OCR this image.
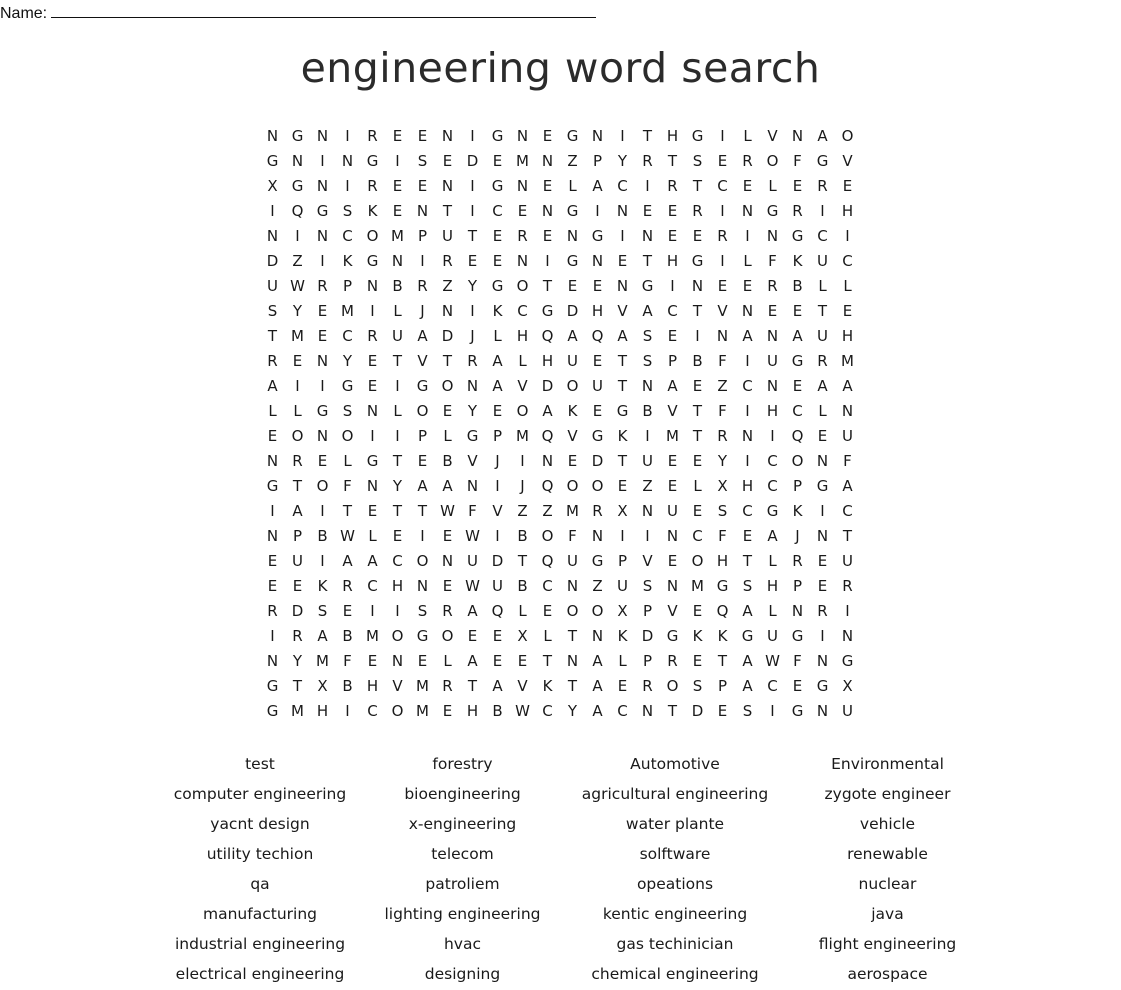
Name:
engineering word search
N G N	I	R	E	E N	I	G N E G N	I	T H G	I	L	V N A O
G N	I	N G	I	S	E D E M N Z	P	Y	R	T	S	E	R O F G V
X G N	I	R	E	E N	I	G N E	L	A C	I	R	T	C	E	L	E	R	E
I	Q G S	K	E N T	I	C	E N G	I	N E	E	R	I	N G R	I	H
N	I	N C O M P U T	E	R	E N G	I	N E	E	R	I	N G C	I
D Z	I	K G N	I	R	E	E N	I	G N E	T H G	I	L	F	K U C
U W R	P N B R Z	Y G O T	E	E N G	I	N E	E	R B	L	L
S	Y	E M	I	L	J	N	I	K C G D H V A C	T	V N E	E	T	E
T M E	C R U A D	J	L	H Q A Q A	S	E	I	N A N A U H
R	E N Y	E	T	V	T	R A	L	H U E	T	S	P	B	F	I	U G R M
A	I	I	G E	I	G O N A V D O U T N A	E	Z C N E	A A
L	L	G S N	L O E	Y	E O A K	E G B V	T	F	I	H C	L	N
E O N O	I	I	P	L	G P M Q V G K	I	M T	R N	I	Q E U
N R	E	L	G T	E	B V	J	I	N E D T U E	E	Y	I	C O N	F
G T O F	N Y	A A N	I	J	Q O O E	Z	E	L	X H C	P G A
I	A	I	T	E	T	T W F	V Z Z M R X N U E	S C G K	I	C
N P	B W L	E	I	E W	I	B O F	N	I	I	N C	F	E	A	J	N T
E U	I	A A C O N U D T Q U G P	V	E O H T	L	R	E U
E	E	K R C H N E W U B C N Z U S N M G S H P	E	R
R D S	E	I	I	S	R A Q L	E O O X	P	V	E Q A	L	N R	I
I	R A B M O G O E	E	X	L	T N K D G K	K G U G	I	N
N Y M F	E N E	L	A	E	E	T N A	L	P	R	E	T	A W F	N G
G T	X B H V M R	T	A V K	T	A	E	R O S	P	A C	E G X
G M H	I	C O M E H B W C	Y	A C N T D E	S	I	G N U
test	forestry	Automotive	Environmental
computer engineering	bioengineering	agricultural engineering	zygote engineer
yacnt design	x-engineering	water plante	vehicle
utility techion	telecom	solftware	renewable
qa	patroliem	opeations	nuclear
manufacturing	lighting engineering	kentic engineering	java
industrial engineering	hvac	gas techinician	flight engineering
electrical engineering	designing	chemical engineering	aerospace
